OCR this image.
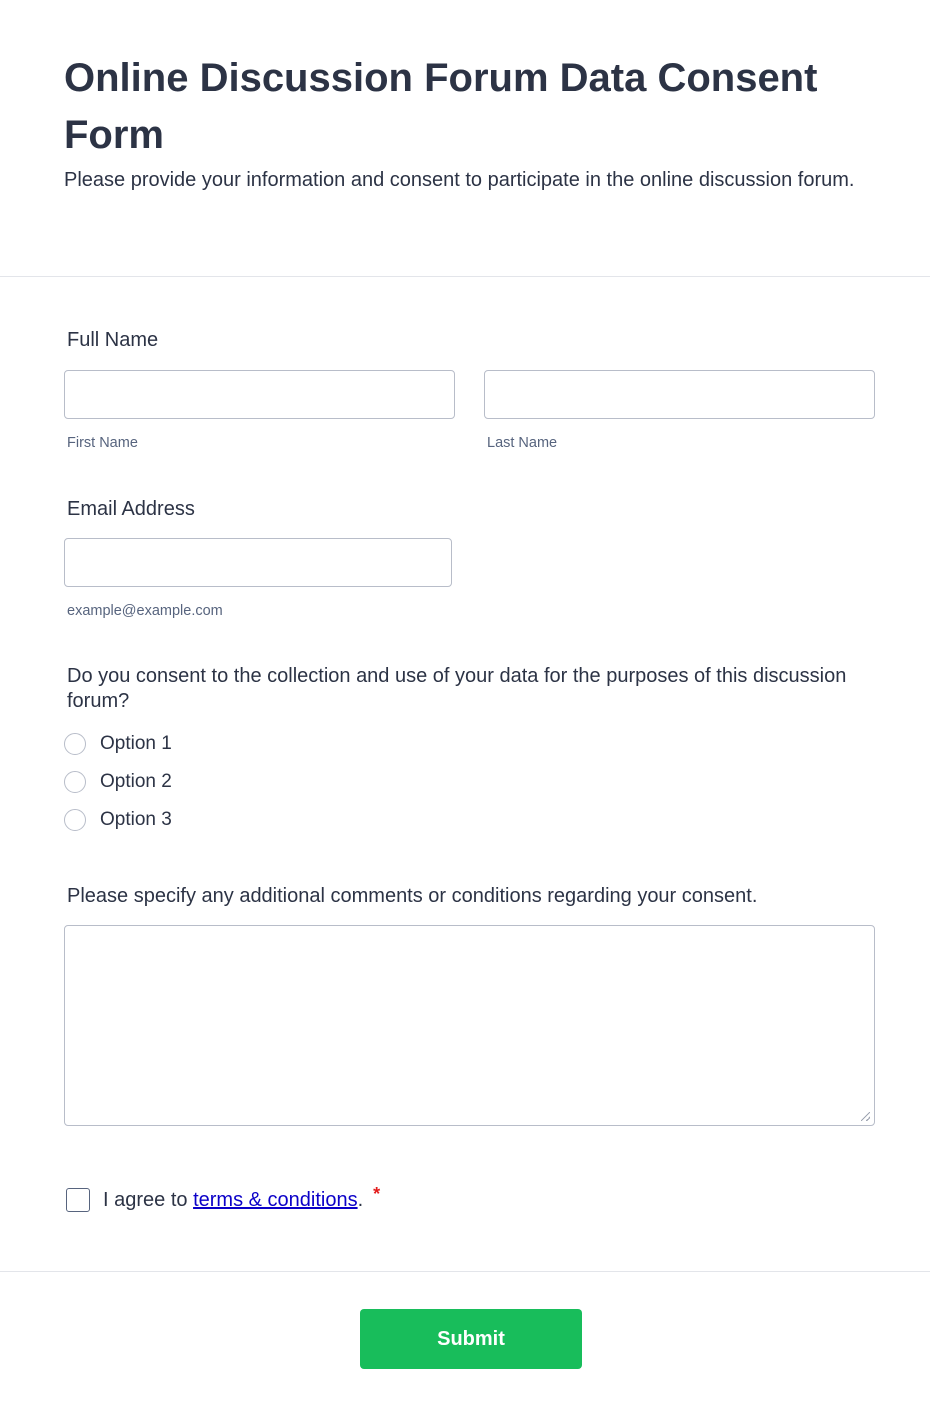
Online Discussion Forum Data Consent Form

Please provide your information and consent to participate in the online discussion forum.

Full Name
First Name	Last Name
Email Address
example@example.com
Do you consent to the collection and use of your data for the purposes of this discussion forum?
Option 1
Option 2
Option 3
Please specify any additional comments or conditions regarding your consent.
I agree to terms & conditions. *
Submit
